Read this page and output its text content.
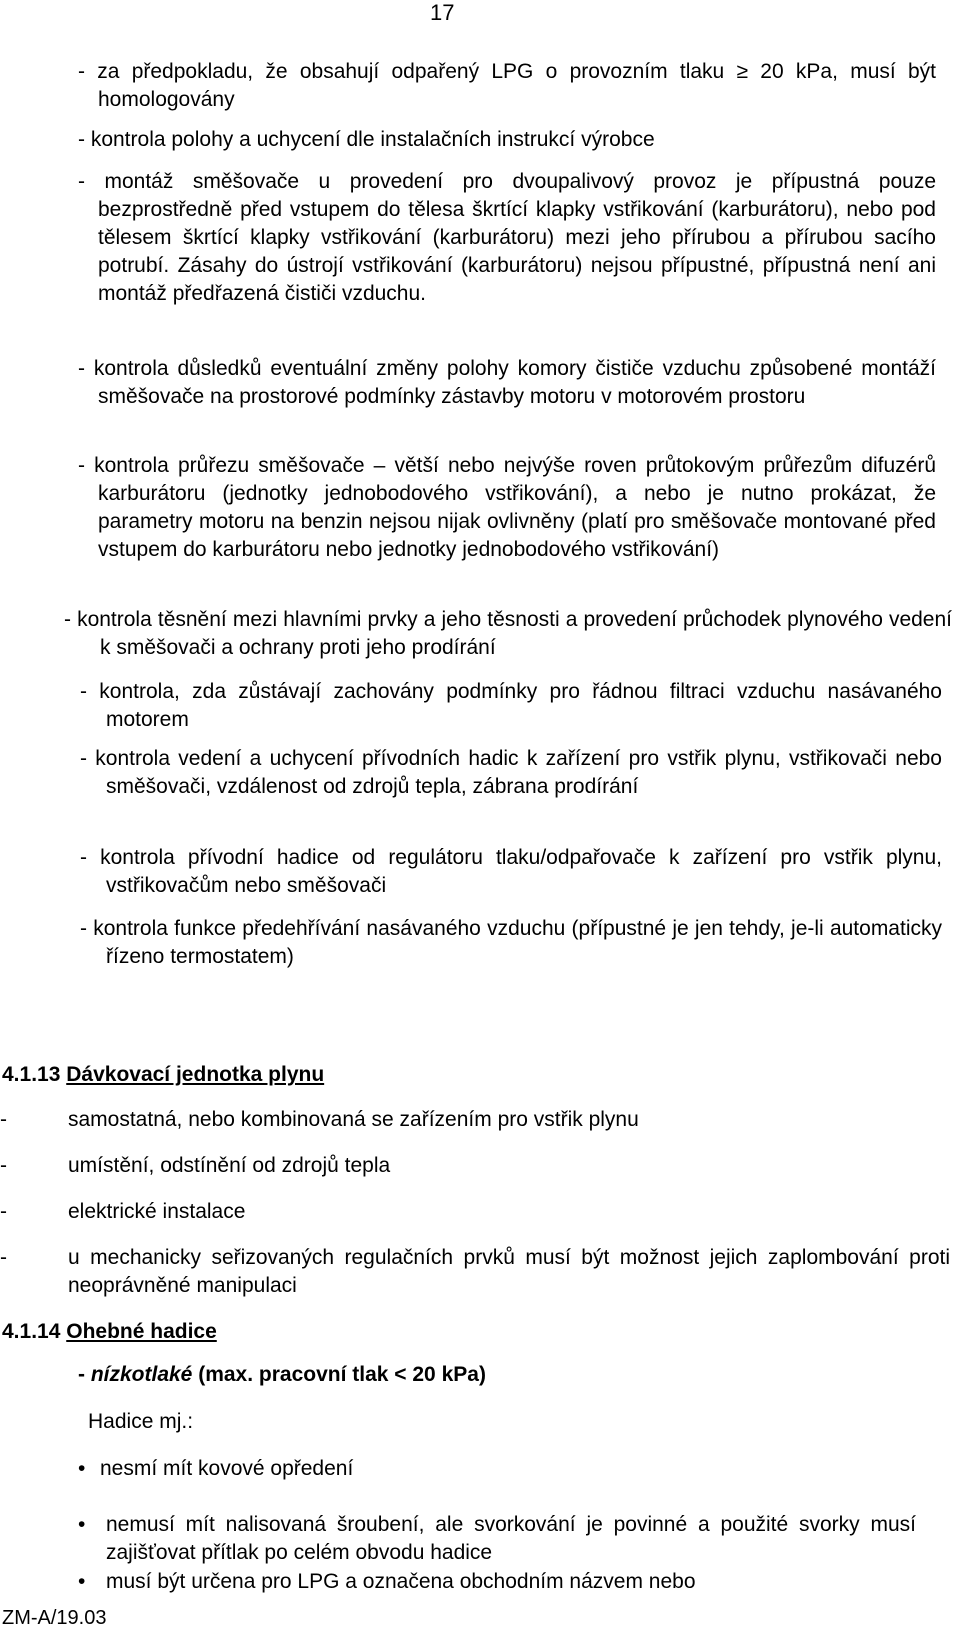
17

- za předpokladu, že obsahují odpařený LPG o provozním tlaku ≥ 20 kPa, musí být homologovány

- kontrola polohy a uchycení dle instalačních instrukcí výrobce

- montáž směšovače u provedení pro dvoupalivový provoz je přípustná pouze bezprostředně před vstupem do tělesa škrtící klapky vstřikování (karburátoru), nebo pod tělesem škrtící klapky vstřikování (karburátoru) mezi jeho přírubou a přírubou sacího potrubí. Zásahy do ústrojí vstřikování (karburátoru) nejsou přípustné, přípustná není ani montáž předřazená čističi vzduchu.

- kontrola důsledků eventuální změny polohy komory čističe vzduchu způsobené montáží směšovače na prostorové podmínky zástavby motoru v motorovém prostoru

- kontrola průřezu směšovače – větší nebo nejvýše roven průtokovým průřezům difuzérů karburátoru (jednotky jednobodového vstřikování), a nebo je nutno prokázat, že parametry motoru na benzin nejsou nijak ovlivněny (platí pro směšovače montované před vstupem do karburátoru nebo jednotky jednobodového vstřikování)

- kontrola těsnění mezi hlavními prvky a jeho těsnosti a provedení průchodek plynového vedení k směšovači a ochrany proti jeho prodírání

- kontrola, zda zůstávají zachovány podmínky pro řádnou filtraci vzduchu nasávaného motorem

- kontrola vedení a uchycení přívodních hadic k zařízení pro vstřik plynu, vstřikovači nebo směšovači, vzdálenost od zdrojů tepla, zábrana prodírání

- kontrola přívodní hadice od regulátoru tlaku/odpařovače k zařízení pro vstřik plynu, vstřikovačům nebo směšovači

- kontrola funkce předehřívání nasávaného vzduchu (přípustné je jen tehdy, je-li automaticky řízeno termostatem)

4.1.13 Dávkovací jednotka plynu

-	samostatná, nebo kombinovaná se zařízením pro vstřik plynu

-	umístění, odstínění od zdrojů tepla

-	elektrické instalace

-	u mechanicky seřizovaných regulačních prvků musí být možnost jejich zaplombování proti neoprávněné manipulaci

4.1.14 Ohebné hadice

- nízkotlaké (max. pracovní tlak < 20 kPa)

Hadice mj.:

• nesmí mít kovové opředení
• nemusí mít nalisovaná šroubení, ale svorkování je povinné a použité svorky musí zajišťovat přítlak po celém obvodu hadice
• musí být určena pro LPG a označena obchodním názvem nebo
ZM-A/19.03
